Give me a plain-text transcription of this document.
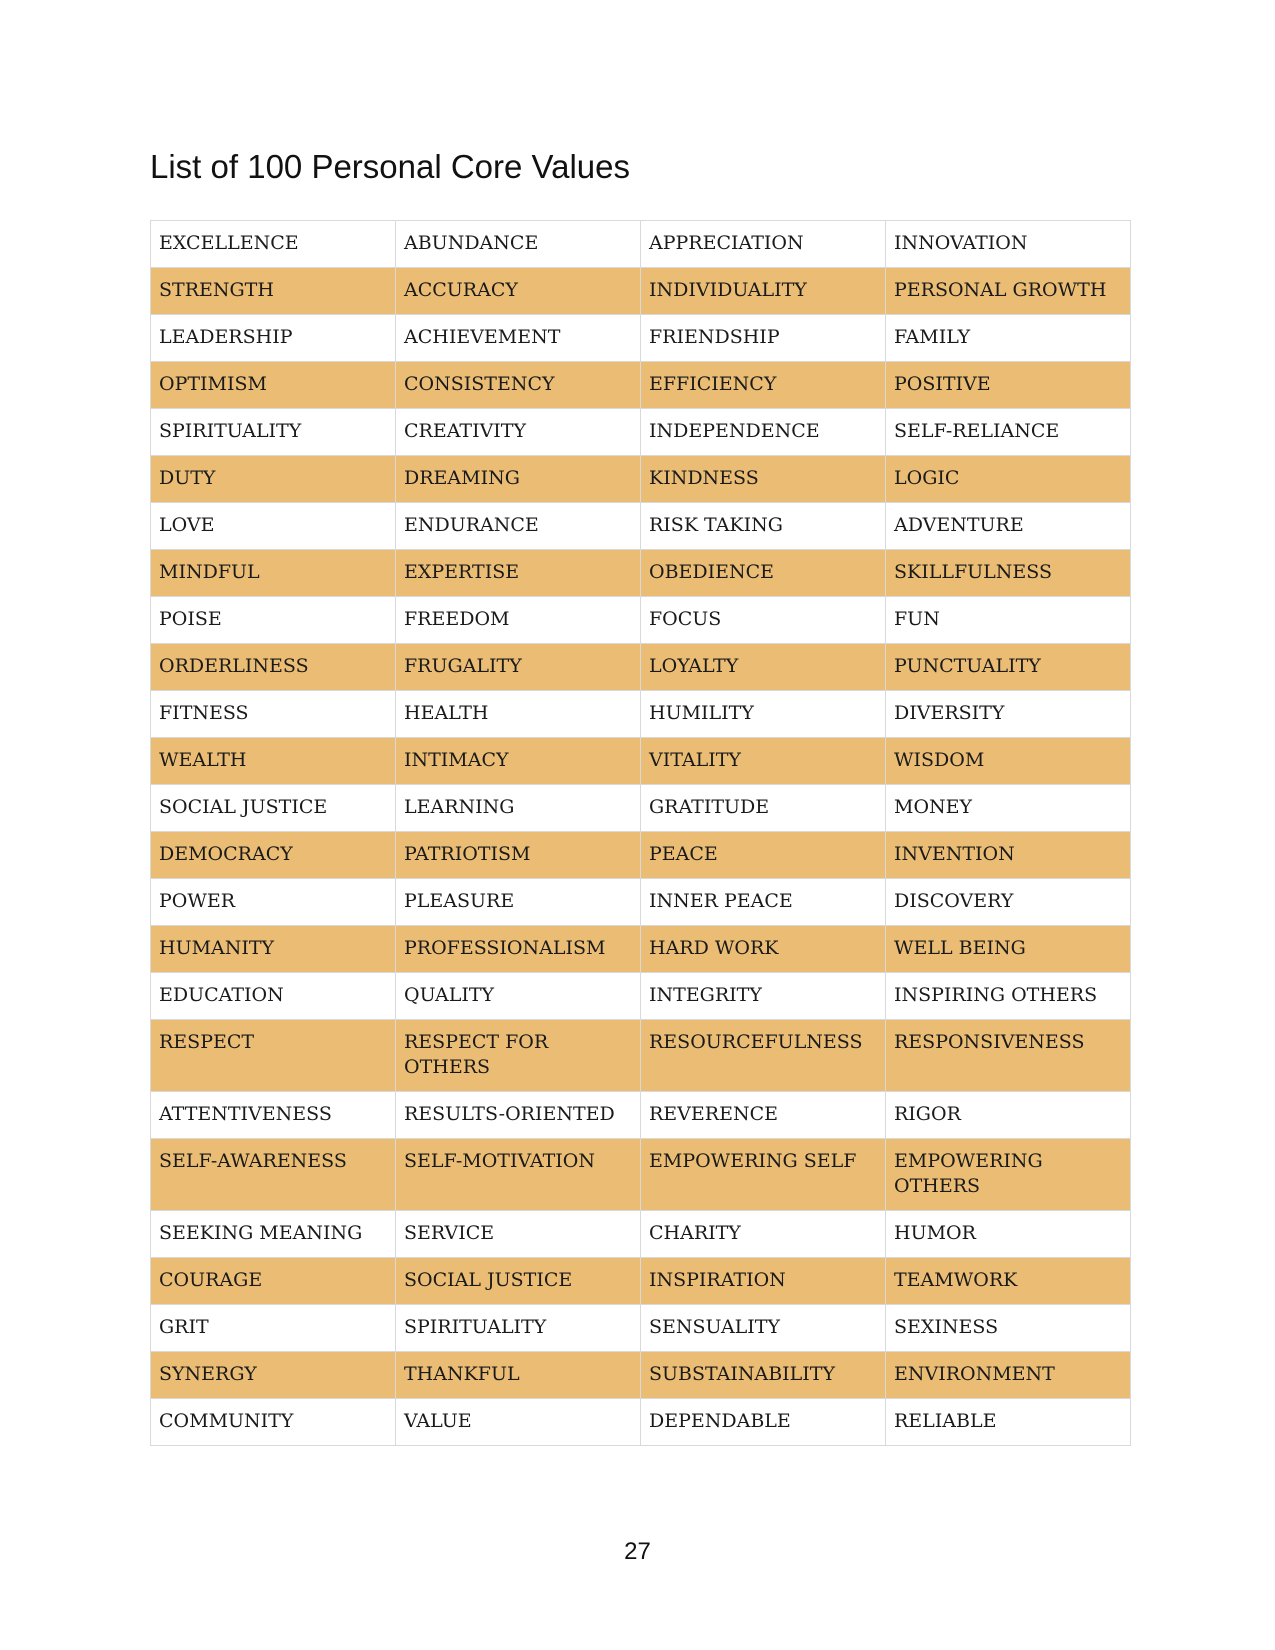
List of 100 Personal Core Values
EXCELLENCE	ABUNDANCE	APPRECIATION	INNOVATION
STRENGTH	ACCURACY	INDIVIDUALITY	PERSONAL GROWTH
LEADERSHIP	ACHIEVEMENT	FRIENDSHIP	FAMILY
OPTIMISM	CONSISTENCY	EFFICIENCY	POSITIVE
SPIRITUALITY	CREATIVITY	INDEPENDENCE	SELF-RELIANCE
DUTY	DREAMING	KINDNESS	LOGIC
LOVE	ENDURANCE	RISK TAKING	ADVENTURE
MINDFUL	EXPERTISE	OBEDIENCE	SKILLFULNESS
POISE	FREEDOM	FOCUS	FUN
ORDERLINESS	FRUGALITY	LOYALTY	PUNCTUALITY
FITNESS	HEALTH	HUMILITY	DIVERSITY
WEALTH	INTIMACY	VITALITY	WISDOM
SOCIAL JUSTICE	LEARNING	GRATITUDE	MONEY
DEMOCRACY	PATRIOTISM	PEACE	INVENTION
POWER	PLEASURE	INNER PEACE	DISCOVERY
HUMANITY	PROFESSIONALISM	HARD WORK	WELL BEING
EDUCATION	QUALITY	INTEGRITY	INSPIRING OTHERS
RESPECT	RESPECT FOR OTHERS	RESOURCEFULNESS	RESPONSIVENESS
ATTENTIVENESS	RESULTS-ORIENTED	REVERENCE	RIGOR
SELF-AWARENESS	SELF-MOTIVATION	EMPOWERING SELF	EMPOWERING OTHERS
SEEKING MEANING	SERVICE	CHARITY	HUMOR
COURAGE	SOCIAL JUSTICE	INSPIRATION	TEAMWORK
GRIT	SPIRITUALITY	SENSUALITY	SEXINESS
SYNERGY	THANKFUL	SUBSTAINABILITY	ENVIRONMENT
COMMUNITY	VALUE	DEPENDABLE	RELIABLE
27
